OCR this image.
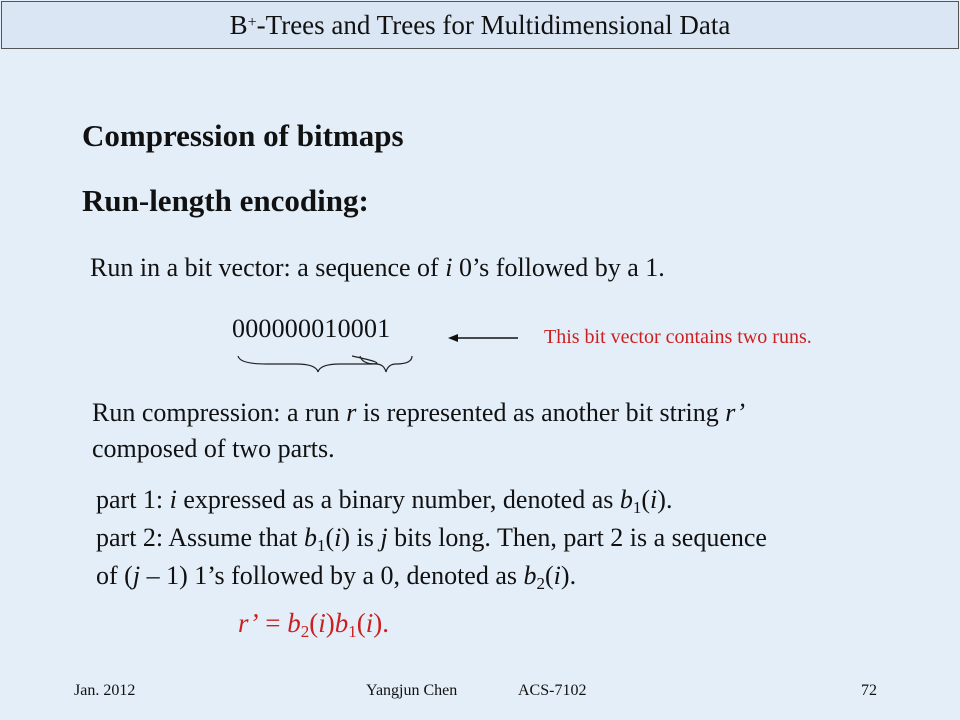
B+ -Trees and Trees for Multidimensional Data
Compression of bitmaps
Run-length encoding:
Run in a bit vector: a sequence of i 0’s followed by a 1.
000000010001	This bit vector contains two runs.
Run compression: a run r is represented as another bit string r’
composed of two parts.
part 1: i expressed as a binary number, denoted as $b_1(i)$.
part 2: Assume that $b_1(i)$ is j bits long. Then, part 2 is a sequence
of (j – 1) 1’s followed by a 0, denoted as $b_2(i)$.
r’ = $b_2(i)b_1(i)$.
Jan. 2012	Yangjun Chen	ACS-7102	72
